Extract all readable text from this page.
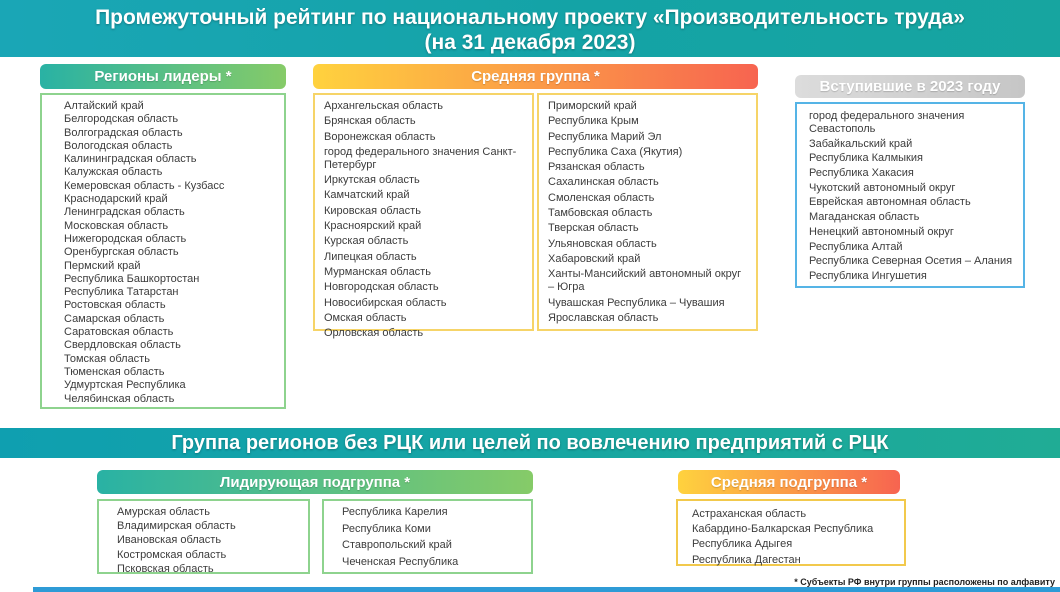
Промежуточный рейтинг по национальному проекту «Производительность труда»
(на 31 декабря 2023)
Регионы лидеры *
Алтайский край
Белгородская область
Волгоградская область
Вологодская область
Калининградская область
Калужская область
Кемеровская область - Кузбасс
Краснодарский край
Ленинградская область
Московская область
Нижегородская область
Оренбургская область
Пермский край
Республика Башкортостан
Республика Татарстан
Ростовская область
Самарская область
Саратовская область
Свердловская область
Томская область
Тюменская область
Удмуртская Республика
Челябинская область
Средняя группа *
Архангельская область
Брянская область
Воронежская область
город федерального значения Санкт-Петербург
Иркутская область
Камчатский край
Кировская область
Красноярский край
Курская область
Липецкая область
Мурманская область
Новгородская область
Новосибирская область
Омская область
Орловская область
Приморский край
Республика Крым
Республика Марий Эл
Республика Саха (Якутия)
Рязанская область
Сахалинская область
Смоленская область
Тамбовская область
Тверская область
Ульяновская область
Хабаровский край
Ханты-Мансийский автономный округ – Югра
Чувашская Республика – Чувашия
Ярославская область
Вступившие в 2023 году
город федерального значения Севастополь
Забайкальский край
Республика Калмыкия
Республика Хакасия
Чукотский автономный округ
Еврейская автономная область
Магаданская область
Ненецкий автономный округ
Республика Алтай
Республика Северная Осетия – Алания
Республика Ингушетия
Группа регионов без РЦК или целей по вовлечению предприятий с РЦК
Лидирующая подгруппа *
Амурская область
Владимирская область
Ивановская область
Костромская область
Псковская область
Республика Карелия
Республика Коми
Ставропольский край
Чеченская Республика
Средняя подгруппа *
Астраханская область
Кабардино-Балкарская Республика
Республика Адыгея
Республика Дагестан
* Субъекты РФ внутри группы расположены по алфавиту
